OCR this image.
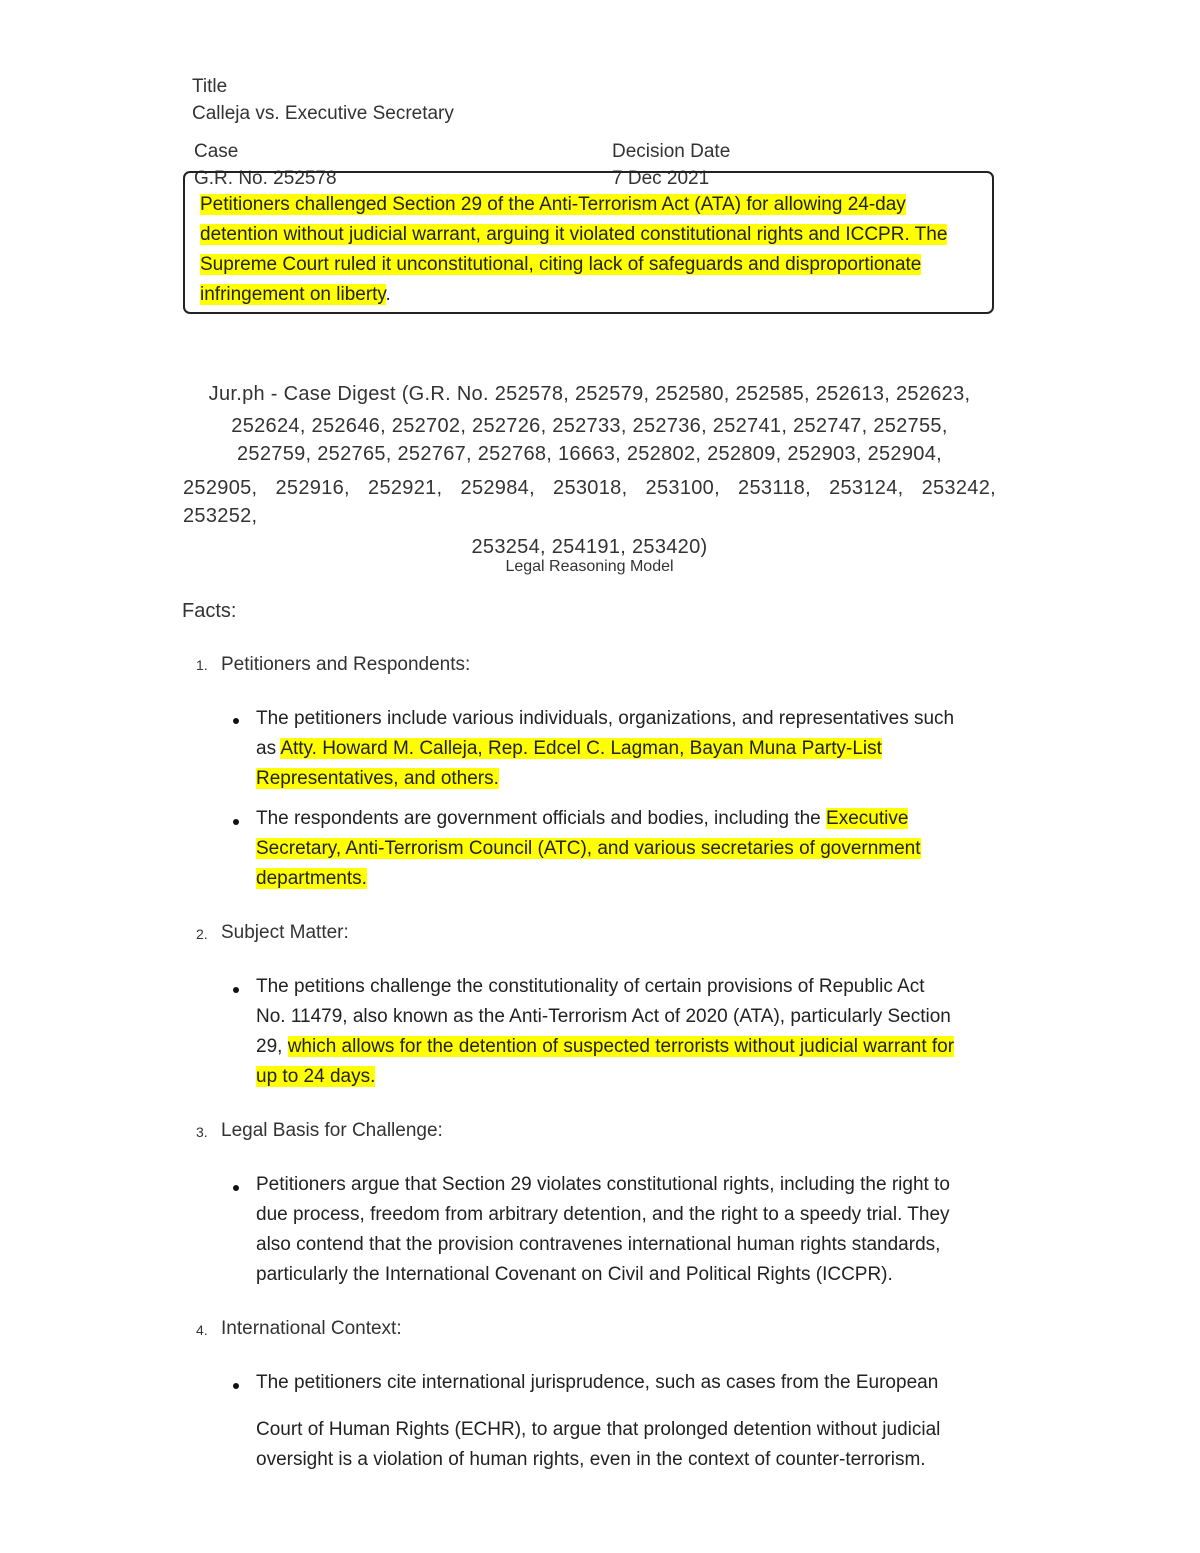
Title
Calleja vs. Executive Secretary
Case	Decision Date
G.R. No. 252578	7 Dec 2021
Petitioners challenged Section 29 of the Anti-Terrorism Act (ATA) for allowing 24-day
detention without judicial warrant, arguing it violated constitutional rights and ICCPR. The
Supreme Court ruled it unconstitutional, citing lack of safeguards and disproportionate
infringement on liberty.
Jur.ph - Case Digest (G.R. No. 252578, 252579, 252580, 252585, 252613, 252623,
252624, 252646, 252702, 252726, 252733, 252736, 252741, 252747, 252755,
252759, 252765, 252767, 252768, 16663, 252802, 252809, 252903, 252904,
252905, 252916, 252921, 252984, 253018, 253100, 253118, 253124, 253242,
253252,
253254, 254191, 253420)
Legal Reasoning Model
Facts:
1. Petitioners and Respondents:
The petitioners include various individuals, organizations, and representatives such
as Atty. Howard M. Calleja, Rep. Edcel C. Lagman, Bayan Muna Party-List
Representatives, and others.
The respondents are government officials and bodies, including the Executive
Secretary, Anti-Terrorism Council (ATC), and various secretaries of government
departments.
2. Subject Matter:
The petitions challenge the constitutionality of certain provisions of Republic Act
No. 11479, also known as the Anti-Terrorism Act of 2020 (ATA), particularly Section
29, which allows for the detention of suspected terrorists without judicial warrant for
up to 24 days.
3. Legal Basis for Challenge:
Petitioners argue that Section 29 violates constitutional rights, including the right to
due process, freedom from arbitrary detention, and the right to a speedy trial. They
also contend that the provision contravenes international human rights standards,
particularly the International Covenant on Civil and Political Rights (ICCPR).
4. International Context:
The petitioners cite international jurisprudence, such as cases from the European
Court of Human Rights (ECHR), to argue that prolonged detention without judicial
oversight is a violation of human rights, even in the context of counter-terrorism.
